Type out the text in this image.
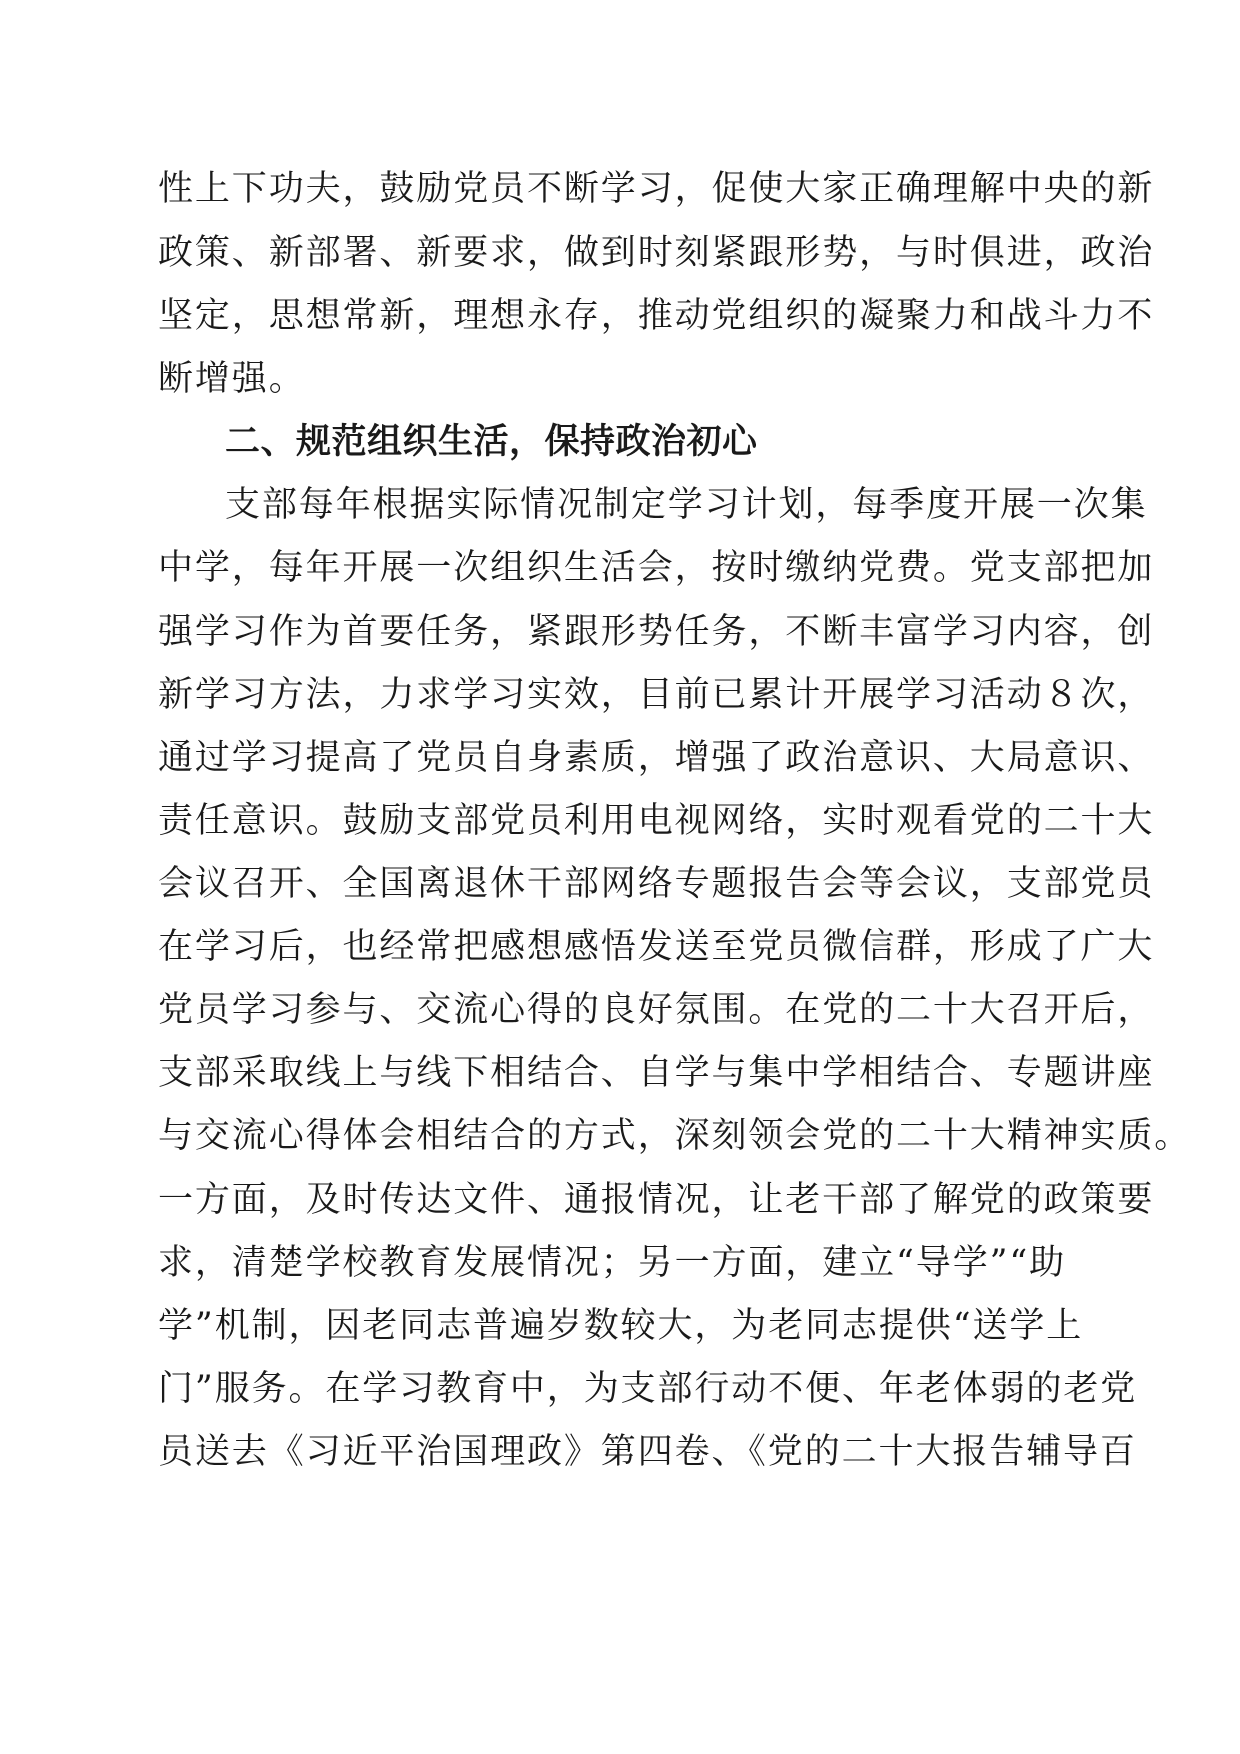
性上下功夫，鼓励党员不断学习，促使大家正确理解中央的新
政策、新部署、新要求，做到时刻紧跟形势，与时俱进，政治
坚定，思想常新，理想永存，推动党组织的凝聚力和战斗力不
断增强。
二、规范组织生活，保持政治初心
支部每年根据实际情况制定学习计划，每季度开展一次集
中学，每年开展一次组织生活会，按时缴纳党费。党支部把加
强学习作为首要任务，紧跟形势任务，不断丰富学习内容，创
新学习方法，力求学习实效，目前已累计开展学习活动８次，
通过学习提高了党员自身素质，增强了政治意识、大局意识、
责任意识。鼓励支部党员利用电视网络，实时观看党的二十大
会议召开、全国离退休干部网络专题报告会等会议，支部党员
在学习后，也经常把感想感悟发送至党员微信群，形成了广大
党员学习参与、交流心得的良好氛围。在党的二十大召开后，
支部采取线上与线下相结合、自学与集中学相结合、专题讲座
与交流心得体会相结合的方式，深刻领会党的二十大精神实质。
一方面，及时传达文件、通报情况，让老干部了解党的政策要
求，清楚学校教育发展情况；另一方面，建立“导学”“助
学”机制，因老同志普遍岁数较大，为老同志提供“送学上
门”服务。在学习教育中，为支部行动不便、年老体弱的老党
员送去《习近平治国理政》第四卷、《党的二十大报告辅导百
